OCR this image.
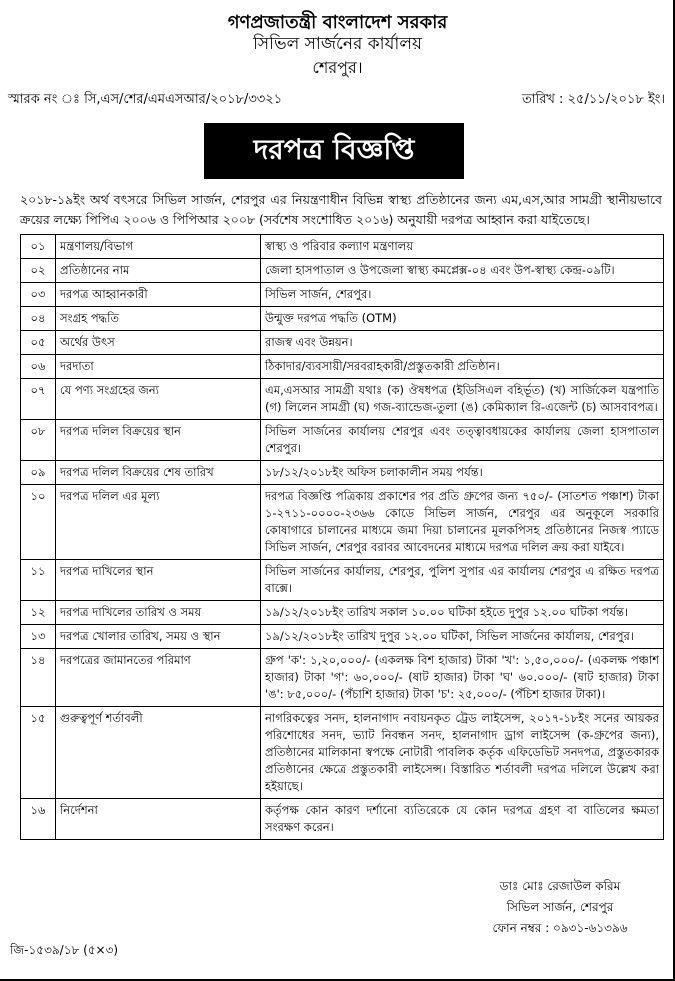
গণপ্রজাতন্ত্রী বাংলাদেশ সরকার
সিভিল সার্জনের কার্যালয়
শেরপুর।
স্মারক নং ঃ সি,এস/শের/এমএসআর/২০১৮/৩৩২১	তারিখ : ২৫/১১/২০১৮ ইং।
দরপত্র বিজ্ঞপ্তি
২০১৮-১৯ইং অর্থ বৎসরে সিভিল সার্জন, শেরপুর এর নিয়ন্ত্রণাধীন বিভিন্ন স্বাস্থ্য প্রতিষ্ঠানের জন্য এম,এস,আর সামগ্রী স্থানীয়ভাবে ক্রয়ের লক্ষ্যে পিপিএ ২০০৬ ও পিপিআর ২০০৮ (সর্বশেষ সংশোধিত ২০১৬) অনুযায়ী দরপত্র আহ্বান করা যাইতেছে।
০১	মন্ত্রণালয়/বিভাগ	স্বাস্থ্য ও পরিবার কল্যাণ মন্ত্রণালয়
০২	প্রতিষ্ঠানের নাম	জেলা হাসপাতাল ও উপজেলা স্বাস্থ্য কমপ্লেক্স-০৪ এবং উপ-স্বাস্থ্য কেন্দ্র-০৯টি।
০৩	দরপত্র আহ্বানকারী	সিভিল সার্জন, শেরপুর।
০৪	সংগ্রহ পদ্ধতি	উন্মুক্ত দরপত্র পদ্ধতি (OTM)
০৫	অর্থের উৎস	রাজস্ব এবং উন্নয়ন।
০৬	দরদাতা	ঠিকাদার/ব্যবসায়ী/সরবরাহকারী/প্রস্তুতকারী প্রতিষ্ঠান।
০৭	যে পণ্য সংগ্রহের জন্য	এম,এসআর সামগ্রী যথাঃ (ক) ঔষধপত্র (ইডিসিএল বহির্ভূত) (খ) সার্জিকেল যন্ত্রপাতি (গ) লিলেন সামগ্রী (ঘ) গজ-ব্যান্ডেজ-তুলা (ঙ) কেমিক্যাল রি-এজেন্ট (চ) আসবাবপত্র।
০৮	দরপত্র দলিল বিক্রয়ের স্থান	সিভিল সার্জনের কার্যালয় শেরপুর এবং তত্ত্বাবধায়কের কার্যালয় জেলা হাসপাতাল শেরপুর।
০৯	দরপত্র দলিল বিক্রয়ের শেষ তারিখ	১৮/১২/২০১৮ইং অফিস চলাকালীন সময় পর্যন্ত।
১০	দরপত্র দলিল এর মূল্য	দরপত্র বিজ্ঞপ্তি পত্রিকায় প্রকাশের পর প্রতি গ্রুপের জন্য ৭৫০/- (সাতশত পঞ্চাশ) টাকা ১-২৭১১-০০০০-২৩৬৬ কোডে সিভিল সার্জন, শেরপুর এর অনুকূলে সরকারি কোষাগারে চালানের মাধ্যমে জমা দিয়া চালানের মূলকপিসহ প্রতিষ্ঠানের নিজস্ব প্যাডে সিভিল সার্জন, শেরপুর বরাবর আবেদনের মাধ্যমে দরপত্র দলিল ক্রয় করা যাইবে।
১১	দরপত্র দাখিলের স্থান	সিভিল সার্জনের কার্যালয়, শেরপুর, পুলিশ সুপার এর কার্যালয় শেরপুর এ রক্ষিত দরপত্র বাক্সে।
১২	দরপত্র দাখিলের তারিখ ও সময়	১৯/১২/২০১৮ইং তারিখ সকাল ১০.০০ ঘটিকা হইতে দুপুর ১২.০০ ঘটিকা পর্যন্ত।
১৩	দরপত্র খোলার তারিখ, সময় ও স্থান	১৯/১২/২০১৮ইং তারিখ দুপুর ১২.০০ ঘটিকা, সিভিল সার্জনের কার্যালয়, শেরপুর।
১৪	দরপত্রের জামানতের পরিমাণ	গ্রুপ 'ক': ১,২০,০০০/- (একলক্ষ বিশ হাজার) টাকা 'খ': ১,৫০,০০০/- (একলক্ষ পঞ্চাশ হাজার) টাকা 'গ': ৬০,০০০/- (ষাট হাজার) টাকা 'ঘ' ৬০.০০০/- (ষাট হাজার) টাকা 'ঙ': ৮৫,০০০/- (পঁচাশি হাজার) টাকা 'চ': ২৫,০০০/- (পঁচিশ হাজার টাকা)।
১৫	গুরুত্বপূর্ণ শর্তাবলী	নাগরিকত্বের সনদ, হালনাগাদ নবায়নকৃত ট্রেড লাইসেন্স, ২০১৭-১৮ইং সনের আয়কর পরিশোধের সনদ, ভ্যাট নিবন্ধন সনদ, হালনাগাদ ড্রাগ লাইসেন্স (ক-গ্রুপের জন্য), প্রতিষ্ঠানের মালিকানা স্বপক্ষে নোটারী পাবলিক কর্তৃক এফিডেভিট সনদপত্র, প্রস্তুতকারক প্রতিষ্ঠানের ক্ষেত্রে প্রস্তুতকারী লাইসেন্স। বিস্তারিত শর্তাবলী দরপত্র দলিলে উল্লেখ করা হইয়াছে।
১৬	নির্দেশনা	কর্তৃপক্ষ কোন কারণ দর্শানো ব্যতিরেকে যে কোন দরপত্র গ্রহণ বা বাতিলের ক্ষমতা সংরক্ষণ করেন।
ডাঃ মোঃ রেজাউল করিম
সিভিল সার্জন, শেরপুর
ফোন নম্বর : ০৯৩১-৬১৩৯৬
জি-১৫৩৯/১৮ (৫×৩)
